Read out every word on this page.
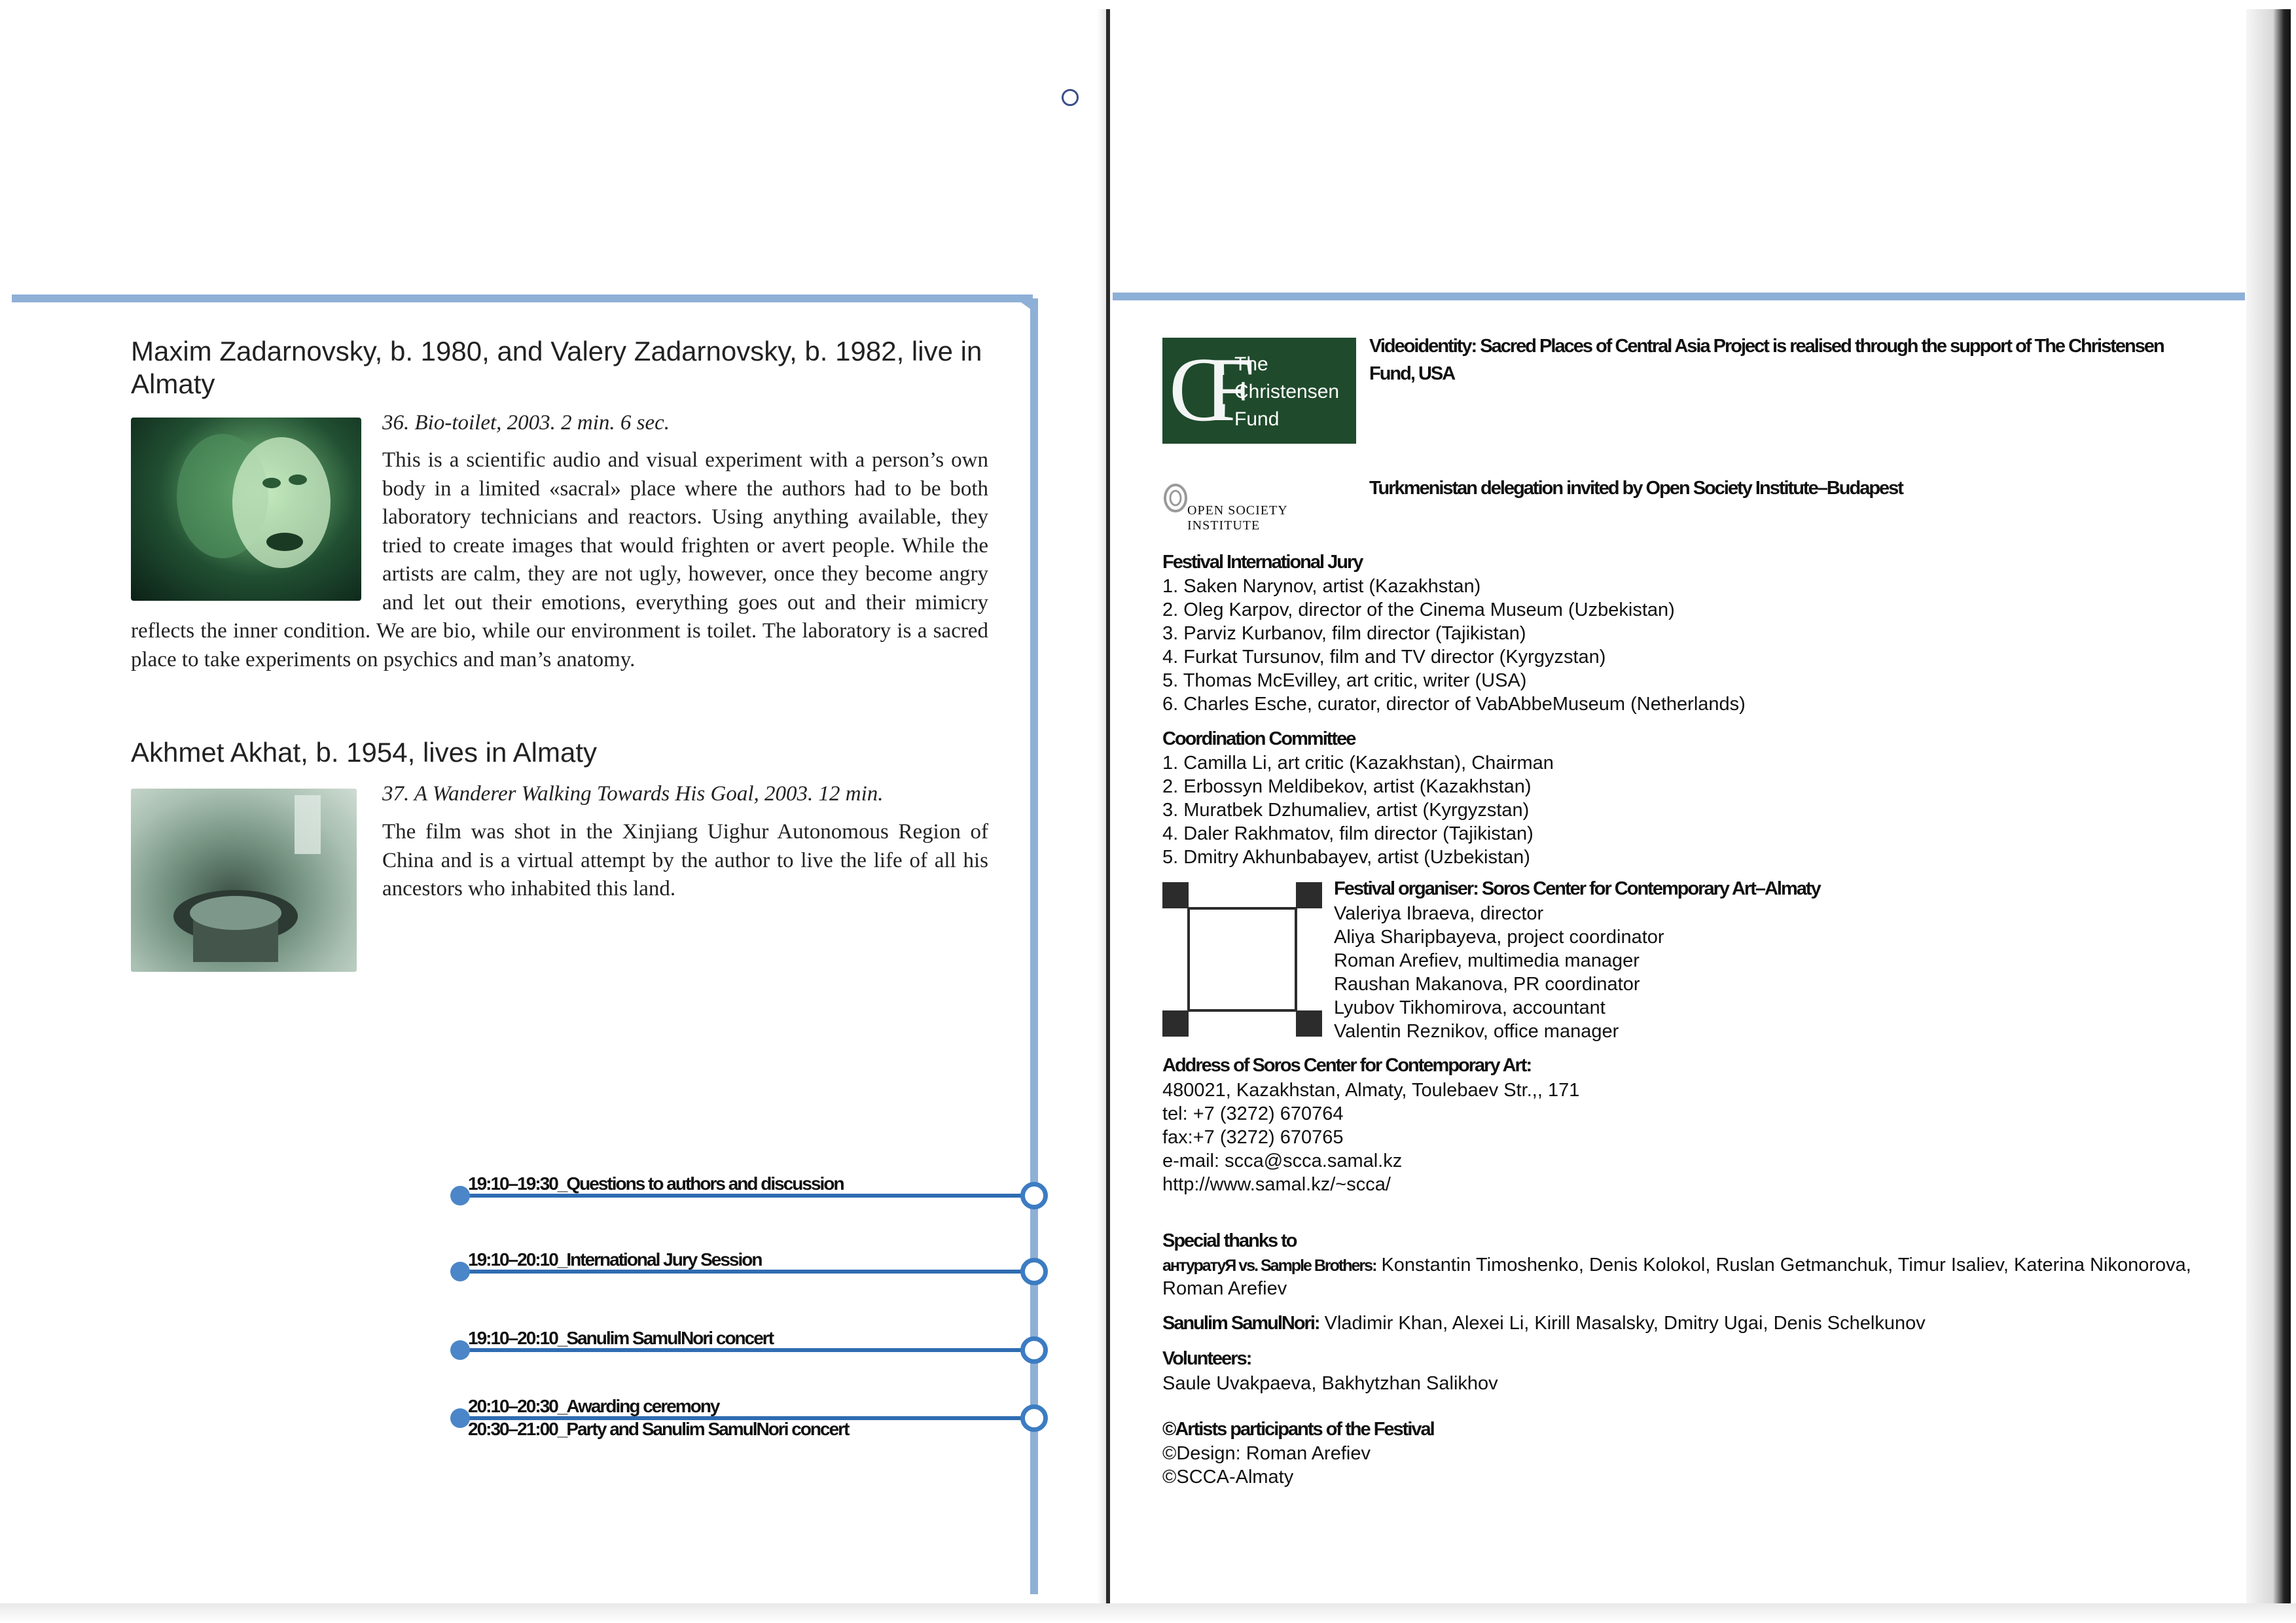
Maxim Zadarnovsky, b. 1980, and Valery Zadarnovsky, b. 1982, live in Almaty
36. Bio-toilet, 2003. 2 min. 6 sec.
This is a scientific audio and visual experiment with a person’s own body in a limited «sacral» place where the authors had to be both laboratory technicians and reactors. Using anything available, they tried to create images that would frighten or avert people. While the artists are calm, they are not ugly, however, once they become angry and let out their emotions, everything goes out and their mimicry reflects the inner condition. We are bio, while our environment is toilet. The laboratory is a sacred place to take experiments on psychics and man’s anatomy.
Akhmet Akhat, b. 1954, lives in Almaty
37. A Wanderer Walking Towards His Goal, 2003. 12 min.
The film was shot in the Xinjiang Uighur Autonomous Region of China and is a virtual attempt by the author to live the life of all his ancestors who inhabited this land.
19:10–19:30_Questions to authors and discussion
19:10–20:10_International Jury Session
19:10–20:10_Sanulim SamulNori concert
20:10–20:30_Awarding ceremony
20:30–21:00_Party and Sanulim SamulNori concert
CF The
Christensen
Fund
Videoidentity: Sacred Places of Central Asia Project is realised through the support of The Christensen Fund, USA
OPEN SOCIETY INSTITUTE
Turkmenistan delegation invited by Open Society Institute–Budapest
Festival International Jury
1. Saken Narynov, artist (Kazakhstan)
2. Oleg Karpov, director of the Cinema Museum (Uzbekistan)
3. Parviz Kurbanov, film director (Tajikistan)
4. Furkat Tursunov, film and TV director (Kyrgyzstan)
5. Thomas McEvilley, art critic, writer (USA)
6. Charles Esche, curator, director of VabAbbeMuseum (Netherlands)
Coordination Committee
1. Camilla Li, art critic (Kazakhstan), Chairman
2. Erbossyn Meldibekov, artist (Kazakhstan)
3. Muratbek Dzhumaliev, artist (Kyrgyzstan)
4. Daler Rakhmatov, film director (Tajikistan)
5. Dmitry Akhunbabayev, artist (Uzbekistan)
Festival organiser: Soros Center for Contemporary Art–Almaty
Valeriya Ibraeva, director
Aliya Sharipbayeva, project coordinator
Roman Arefiev, multimedia manager
Raushan Makanova, PR coordinator
Lyubov Tikhomirova, accountant
Valentin Reznikov, office manager
Address of Soros Center for Contemporary Art:
480021, Kazakhstan, Almaty, Toulebaev Str.,, 171
tel: +7 (3272) 670764
fax:+7 (3272) 670765
e-mail: scca@scca.samal.kz
http://www.samal.kz/~scca/
Special thanks to
антуратуЯ vs. Sample Brothers: Konstantin Timoshenko, Denis Kolokol, Ruslan Getmanchuk, Timur Isaliev, Katerina Nikonorova,
Roman Arefiev
Sanulim SamulNori: Vladimir Khan, Alexei Li, Kirill Masalsky, Dmitry Ugai, Denis Schelkunov
Volunteers:
Saule Uvakpaeva, Bakhytzhan Salikhov
©Artists participants of the Festival
©Design: Roman Arefiev
©SCCA-Almaty
